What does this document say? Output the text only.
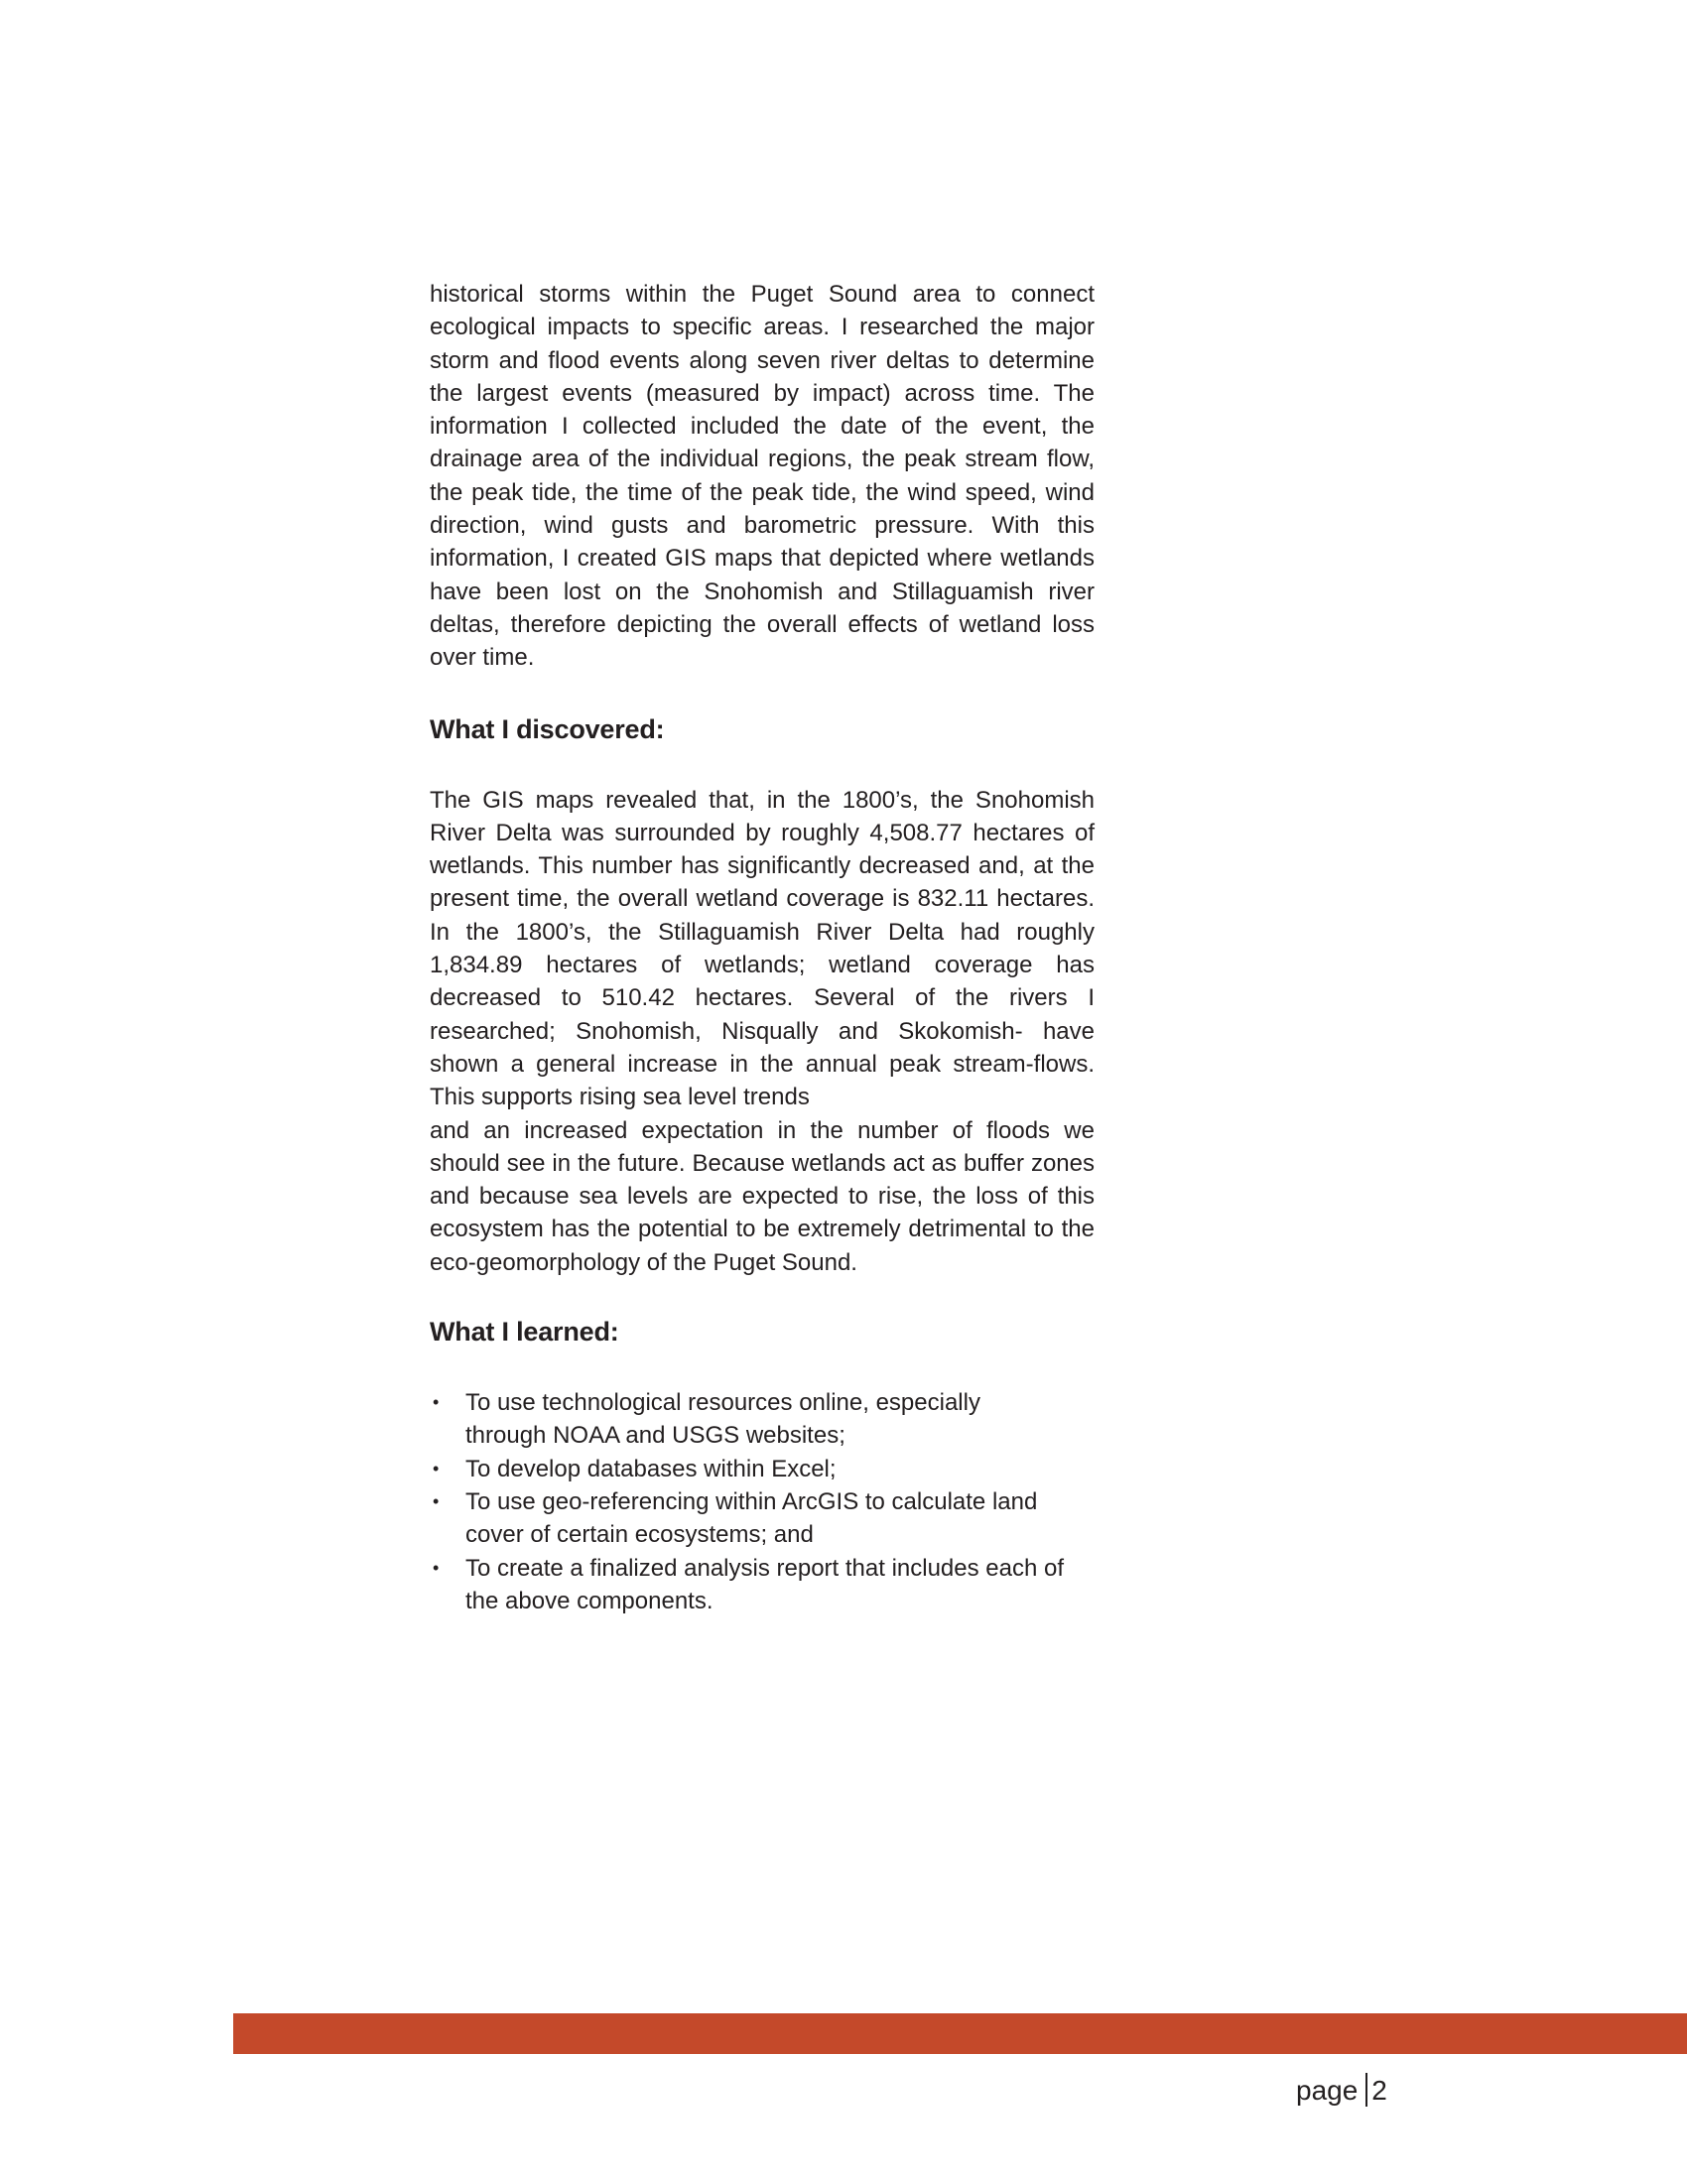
historical storms within the Puget Sound area to connect ecological impacts to specific areas. I researched the major storm and flood events along seven river deltas to determine the largest events (measured by impact) across time. The information I collected included the date of the event, the drainage area of the individual regions, the peak stream flow, the peak tide, the time of the peak tide, the wind speed, wind direction, wind gusts and barometric pressure. With this information, I created GIS maps that depicted where wetlands have been lost on the Snohomish and Stillaguamish river deltas, therefore depicting the overall effects of wetland loss over time.

What I discovered:

The GIS maps revealed that, in the 1800’s, the Snohomish River Delta was surrounded by roughly 4,508.77 hectares of wetlands. This number has significantly decreased and, at the present time, the overall wetland coverage is 832.11 hectares. In the 1800’s, the Stillaguamish River Delta had roughly 1,834.89 hectares of wetlands; wetland coverage has decreased to 510.42 hectares. Several of the rivers I researched; Snohomish, Nisqually and Skokomish- have shown a general increase in the annual peak stream-flows. This supports rising sea level trends
and an increased expectation in the number of floods we should see in the future. Because wetlands act as buffer zones and because sea levels are expected to rise, the loss of this ecosystem has the potential to be extremely detrimental to the eco-geomorphology of the Puget Sound.

What I learned:
• To use technological resources online, especially through NOAA and USGS websites;
• To develop databases within Excel;
• To use geo-referencing within ArcGIS to calculate land cover of certain ecosystems; and
• To create a finalized analysis report that includes each of the above components.
page 2
